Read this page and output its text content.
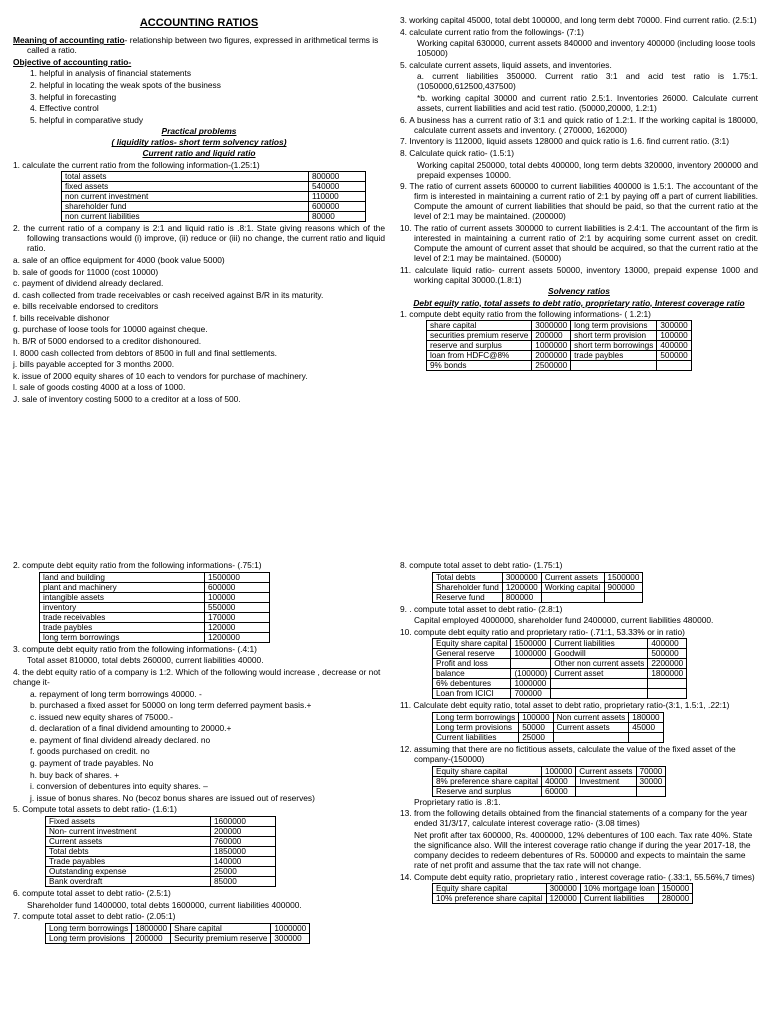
ACCOUNTING RATIOS
Meaning of accounting ratio- relationship between two figures, expressed in arithmetical terms is called a ratio.
Objective of accounting ratio-
1. helpful in analysis of financial statements
2. helpful in locating the weak spots of the business
3. helpful in forecasting
4. Effective control
5. helpful in comparative study
Practical problems
( liquidity ratios- short term solvency ratios)
Current ratio and liquid ratio
1. calculate the current ratio from the following information-(1.25:1)
total assets	800000
fixed assets	540000
non current investment	110000
shareholder fund	600000
non current liabilities	80000
2. the current ratio of a company is 2:1 and liquid ratio is .8:1. State giving reasons which of the following transactions would (i) improve, (ii) reduce or (iii) no change, the current ratio and liquid ratio.
a. sale of an office equipment for 4000 (book value 5000)
b. sale of goods for 11000 (cost 10000)
c. payment of dividend already declared.
d. cash collected from trade receivables or cash received against B/R in its maturity.
e. bills receivable endorsed to creditors
f. bills receivable dishonor
g. purchase of loose tools for 10000 against cheque.
h. B/R of 5000 endorsed to a creditor dishonoured.
I. 8000 cash collected from debtors of 8500 in full and final settlements.
j. bills payable accepted for 3 months 2000.
k. issue of 2000 equity shares of 10 each to vendors for purchase of machinery.
l. sale of goods costing 4000 at a loss of 1000.
J. sale of inventory costing 5000 to a creditor at a loss of 500.
3. working capital 45000, total debt 100000, and long term debt 70000. Find current ratio. (2.5:1)
4. calculate current ratio from the followings- (7:1)
Working capital 630000, current assets 840000 and inventory 400000 (including loose tools 105000)
5. calculate current assets, liquid assets, and inventories.
a. current liabilities 350000. Current ratio 3:1 and acid test ratio is 1.75:1. (1050000,612500,437500)
*b. working capital 30000 and current ratio 2.5:1. Inventories 26000. Calculate current assets, current liabilities and acid test ratio. (50000,20000, 1.2:1)
6. A business has a current ratio of 3:1 and quick ratio of 1.2:1. If the working capital is 180000, calculate current assets and inventory. ( 270000, 162000)
7. Inventory is 112000, liquid assets 128000 and quick ratio is 1.6. find current ratio. (3:1)
8. Calculate quick ratio- (1.5:1)
Working capital 250000, total debts 400000, long term debts 320000, inventory 200000 and prepaid expenses 10000.
9. The ratio of current assets 600000 to current liabilities 400000 is 1.5:1. The accountant of the firm is interested in maintaining a current ratio of 2:1 by paying off a part of current liabilities. Compute the amount of current liabilities that should be paid, so that the current ratio at the level of 2:1 may be maintained. (200000)
10. The ratio of current assets 300000 to current liabilities is 2.4:1. The accountant of the firm is interested in maintaining a current ratio of 2:1 by acquiring some current asset on credit. Compute the amount of current asset that should be acquired, so that the current ratio at the level of 2:1 may be maintained. (50000)
11. calculate liquid ratio- current assets 50000, inventory 13000, prepaid expense 1000 and working capital 30000.(1.8:1)
Solvency ratios
Debt equity ratio, total assets to debt ratio, proprietary ratio, Interest coverage ratio
1. compute debt equity ratio from the following informations- ( 1.2:1)
share capital	3000000	long term provisions	300000
securities premium reserve	200000	short term provision	100000
reserve and surplus	1000000	short term borrowings	400000
loan from HDFC@8%	2000000	trade paybles	500000
9% bonds	2500000		
2. compute debt equity ratio from the following informations- (.75:1)
land and building	1500000
plant and machinery	600000
intangible assets	100000
inventory	550000
trade receivables	170000
trade paybles	120000
long term borrowings	1200000
3. compute debt equity ratio from the following informations- (.4:1)
Total asset 810000, total debts 260000, current liabilities 40000.
4. the debt equity ratio of a company is 1:2. Which of the following would increase , decrease or not change it-
a. repayment of long term borrowings 40000. -
b. purchased a fixed asset for 50000 on long term deferred payment basis.+
c. issued new equity shares of 75000.-
d. declaration of a final dividend amounting to 20000.+
e. payment of final dividend already declared. no
f. goods purchased on credit. no
g. payment of trade payables. No
h. buy back of shares. +
i. conversion of debentures into equity shares. –
j. issue of bonus shares. No (becoz bonus shares are issued out of reserves)
5. Compute total assets to debt ratio- (1.6:1)
Fixed assets	1600000
Non- current investment	200000
Current assets	760000
Total debts	1850000
Trade payables	140000
Outstanding expense	25000
Bank overdraft	85000
6. compute total asset to debt ratio- (2.5:1)
Shareholder fund 1400000, total debts 1600000, current liabilities 400000.
7. compute total asset to debt ratio- (2.05:1)
Long term borrowings	1800000	Share capital	1000000
Long term provisions	200000	Security premium reserve	300000
8. compute total asset to debt ratio- (1.75:1)
Total debts	3000000	Current assets	1500000
Shareholder fund	1200000	Working capital	900000
Reserve fund	800000		
9. . compute total asset to debt ratio- (2.8:1)
Capital employed 4000000, shareholder fund 2400000, current liabilities 480000.
10. compute debt equity ratio and proprietary ratio- (.71:1, 53.33% or in ratio)
Equity share capital	1500000	Current liabilities	400000
General reserve	1000000	Goodwill	500000
Profit and loss		Other non current assets	2200000
balance	(100000)	Current asset	1800000
6% debentures	1000000		
Loan from ICICI	700000		
11. Calculate debt equity ratio, total asset to debt ratio, proprietary ratio-(3:1, 1.5:1, .22:1)
Long term borrowings	100000	Non current assets	180000
Long term provisions	50000	Current assets	45000
Current liabilities	25000		
12. assuming that there are no fictitious assets, calculate the value of the fixed asset of the company-(150000)
Equity share capital	100000	Current assets	70000
8% preference share capital	40000	Investment	30000
Reserve and surplus	60000		
Proprietary ratio is .8:1.
13. from the following details obtained from the financial statements of a company for the year ended 31/3/17, calculate interest coverage ratio- (3.08 times)
Net profit after tax 600000, Rs. 4000000, 12% debentures of 100 each. Tax rate 40%. State the significance also. Will the interest coverage ratio change if during the year 2017-18, the company decides to redeem debentures of Rs. 500000 and expects to maintain the same rate of net profit and assume that the tax rate will not change.
14. Compute debt equity ratio, proprietary ratio , interest coverage ratio- (.33:1, 55.56%,7 times)
Equity share capital	300000	10% mortgage loan	150000
10% preference share capital	120000	Current liabilities	280000
